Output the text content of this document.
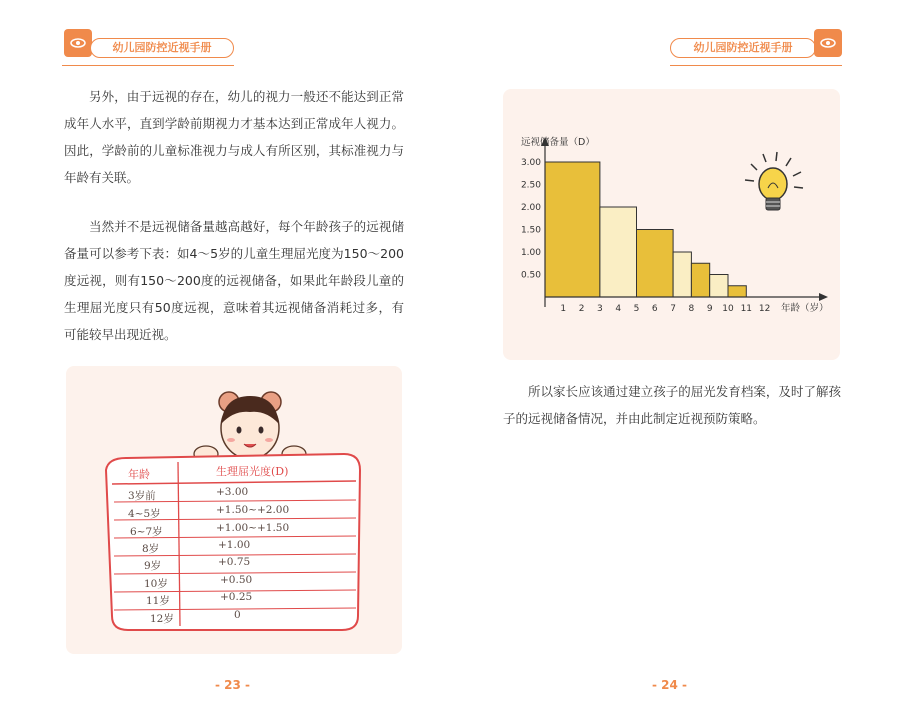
幼儿园防控近视手册	幼儿园防控近视手册

另外，由于远视的存在，幼儿的视力一般还不能达到正常成年人水平，直到学龄前期视力才基本达到正常成年人视力。因此，学龄前的儿童标准视力与成人有所区别，其标准视力与年龄有关联。

当然并不是远视储备量越高越好，每个年龄孩子的远视储备量可以参考下表：如4～5岁的儿童生理屈光度为150～200度远视，则有150～200度的远视储备，如果此年龄段儿童的生理屈光度只有50度远视，意味着其远视储备消耗过多，有可能较早出现近视。

年龄	生理屈光度(D)
3岁前	+3.00
4~5岁	+1.50~+2.00
6~7岁	+1.00~+1.50
8岁	+1.00
9岁	+0.75
10岁	+0.50
11岁	+0.25
12岁	0
- 23 -
0.50
1.00
1.50
2.00
2.50
3.00
1 2 3 4 5 6 7 8 9 10 11 12
远视储备量（D）
年龄（岁）

所以家长应该通过建立孩子的屈光发育档案，及时了解孩子的远视储备情况，并由此制定近视预防策略。

- 24 -
